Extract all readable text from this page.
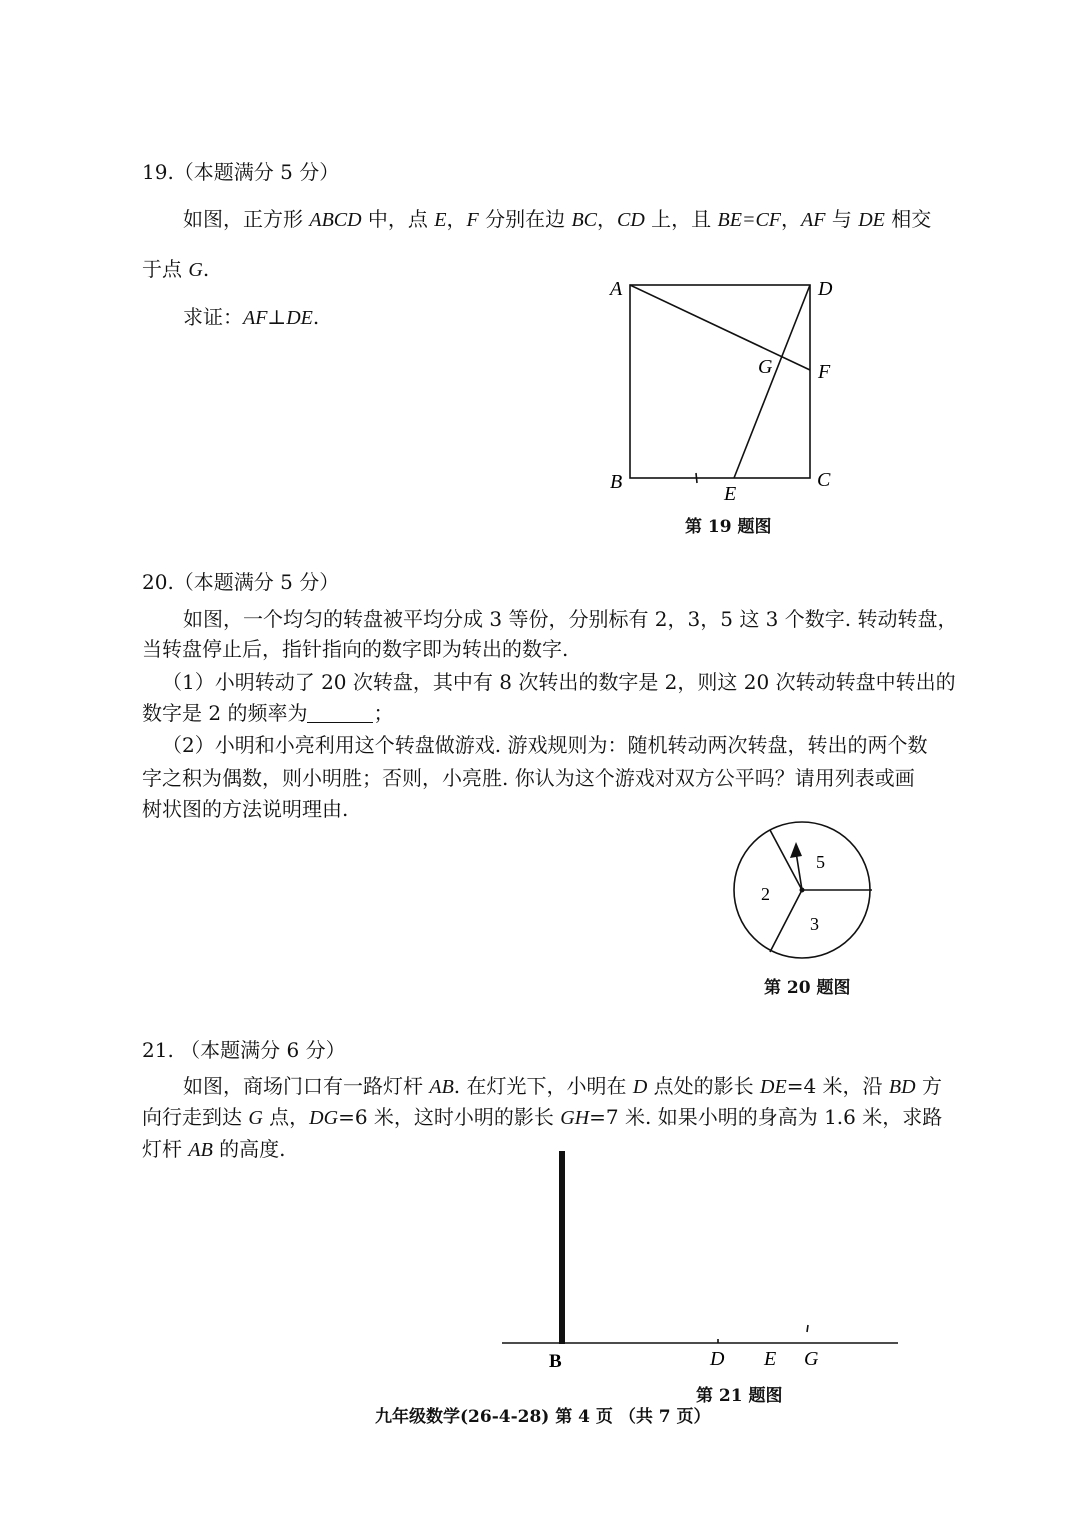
19.（本题满分 5 分）

如图，正方形 ABCD 中，点 E，F 分别在边 BC，CD 上，且 BE=CF，AF 与 DE 相交

于点 G.

求证：AF⊥DE.

A	D
G F
B	C
E

第 19 题图

20.（本题满分 5 分）

如图，一个均匀的转盘被平均分成 3 等份，分别标有 2，3，5 这 3 个数字. 转动转盘，

当转盘停止后，指针指向的数字即为转出的数字.

（1）小明转动了 20 次转盘，其中有 8 次转出的数字是 2，则这 20 次转动转盘中转出的

数字是 2 的频率为	；

（2）小明和小亮利用这个转盘做游戏. 游戏规则为：随机转动两次转盘，转出的两个数

字之积为偶数，则小明胜；否则，小亮胜. 你认为这个游戏对双方公平吗？请用列表或画

树状图的方法说明理由.

5
2
3

第 20 题图

21. （本题满分 6 分）

如图，商场门口有一路灯杆 AB. 在灯光下，小明在 D 点处的影长 DE=4 米，沿 BD 方

向行走到达 G 点，DG=6 米，这时小明的影长 GH=7 米. 如果小明的身高为 1.6 米，求路

灯杆 AB 的高度.

B	D E G

第 21 题图

九年级数学(26-4-28) 第 4 页 （共 7 页）
